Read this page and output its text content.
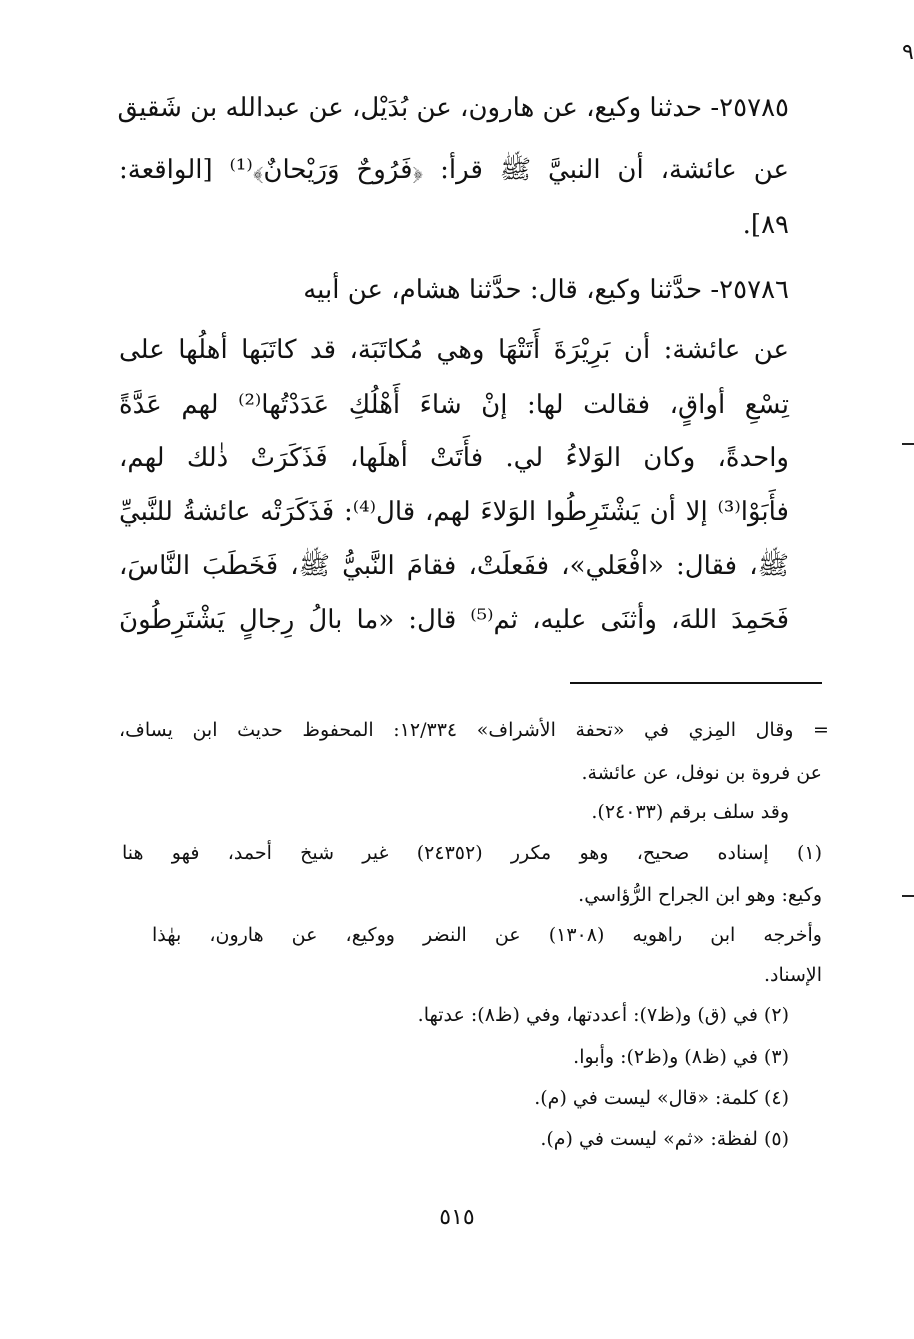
٩
٢٥٧٨٥- حدثنا وكيع، عن هارون، عن بُدَيْل، عن عبدالله بن شَقيق
عن عائشة، أن النبيَّ ﷺ قرأ: ﴿فَرُوحٌ وَرَيْحانٌ﴾⁽¹⁾ [الواقعة:
٨٩].
٢٥٧٨٦- حدَّثنا وكيع، قال: حدَّثنا هشام، عن أبيه
عن عائشة: أن بَرِيْرَةَ أَتَتْهَا وهي مُكاتَبَة، قد كاتَبَها أهلُها على
تِسْعِ أواقٍ، فقالت لها: إنْ شاءَ أَهْلُكِ عَدَدْتُها⁽²⁾ لهم عَدَّةً
واحدةً، وكان الوَلاءُ لي. فأَتَتْ أهلَها، فَذَكَرَتْ ذٰلك لهم،
فأَبَوْا⁽³⁾ إلا أن يَشْتَرِطُوا الوَلاءَ لهم، قال⁽⁴⁾: فَذَكَرَتْه عائشةُ للنَّبيِّ
ﷺ، فقال: «افْعَلي»، ففَعلَتْ، فقامَ النَّبيُّ ﷺ، فَخَطَبَ النَّاسَ،
فَحَمِدَ اللهَ، وأثنَى عليه، ثم⁽⁵⁾ قال: «ما بالُ رِجالٍ يَشْتَرِطُونَ
= وقال المِزي في «تحفة الأشراف» ١٢/٣٣٤: المحفوظ حديث ابن يساف،
عن فروة بن نوفل، عن عائشة.
وقد سلف برقم (٢٤٠٣٣).
(١) إسناده صحيح، وهو مكرر (٢٤٣٥٢) غير شيخ أحمد، فهو هنا
وكيع: وهو ابن الجراح الرُّؤاسي.
وأخرجه ابن راهويه (١٣٠٨) عن النضر ووكيع، عن هارون، بهٰذا
الإسناد.
(٢) في (ق) و(ظ٧): أعددتها، وفي (ظ٨): عدتها.
(٣) في (ظ٨) و(ظ٢): وأبوا.
(٤) كلمة: «قال» ليست في (م).
(٥) لفظة: «ثم» ليست في (م).
٥١٥
